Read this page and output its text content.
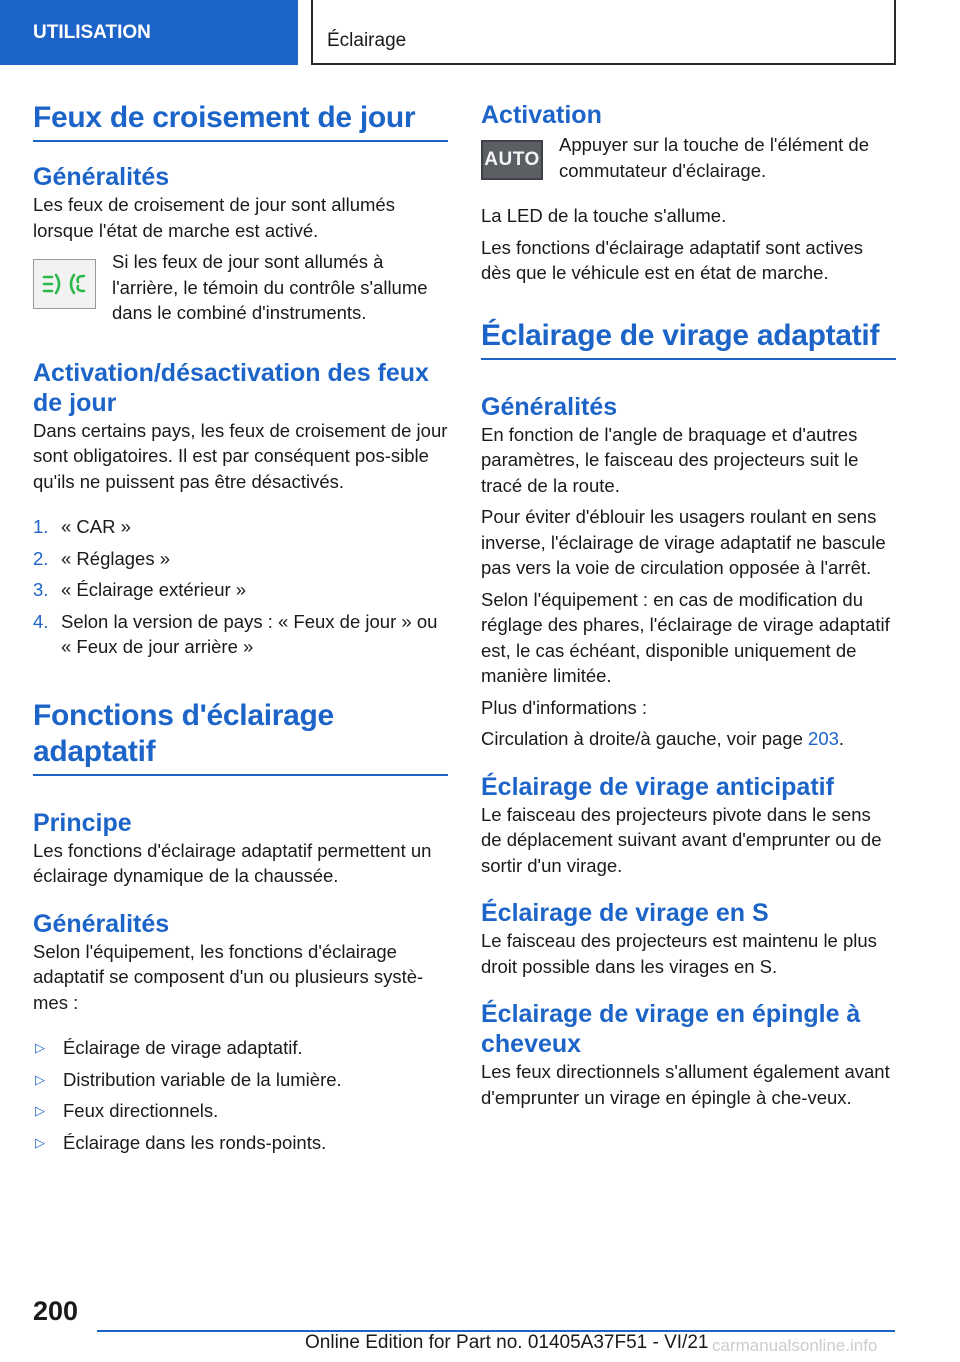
UTILISATION	Éclairage
Feux de croisement de jour
Généralités

Les feux de croisement de jour sont allumés lorsque l'état de marche est activé.

Si les feux de jour sont allumés à l'arrière, le témoin du contrôle s'allume dans le combiné d'instruments.

Activation/désactivation des feux de jour

Dans certains pays, les feux de croisement de jour sont obligatoires. Il est par conséquent pos-sible qu'ils ne puissent pas être désactivés.

1. « CAR »
2. « Réglages »
3. « Éclairage extérieur »
4. Selon la version de pays : « Feux de jour » ou « Feux de jour arrière »
Fonctions d'éclairage adaptatif
Principe

Les fonctions d'éclairage adaptatif permettent un éclairage dynamique de la chaussée.

Généralités

Selon l'équipement, les fonctions d'éclairage adaptatif se composent d'un ou plusieurs systè-mes :

▷ Éclairage de virage adaptatif.
▷ Distribution variable de la lumière.
▷ Feux directionnels.
▷ Éclairage dans les ronds-points.
Activation
AUTO

Appuyer sur la touche de l'élément de commutateur d'éclairage.

La LED de la touche s'allume.

Les fonctions d'éclairage adaptatif sont actives dès que le véhicule est en état de marche.

Éclairage de virage adaptatif
Généralités

En fonction de l'angle de braquage et d'autres paramètres, le faisceau des projecteurs suit le tracé de la route.

Pour éviter d'éblouir les usagers roulant en sens inverse, l'éclairage de virage adaptatif ne bascule pas vers la voie de circulation opposée à l'arrêt.

Selon l'équipement : en cas de modification du réglage des phares, l'éclairage de virage adaptatif est, le cas échéant, disponible uniquement de manière limitée.

Plus d'informations :

Circulation à droite/à gauche, voir page 203.

Éclairage de virage anticipatif

Le faisceau des projecteurs pivote dans le sens de déplacement suivant avant d'emprunter ou de sortir d'un virage.

Éclairage de virage en S

Le faisceau des projecteurs est maintenu le plus droit possible dans les virages en S.

Éclairage de virage en épingle à cheveux

Les feux directionnels s'allument également avant d'emprunter un virage en épingle à che-veux.

200
Online Edition for Part no. 01405A37F51 - VI/21 carmanualsonline.info
